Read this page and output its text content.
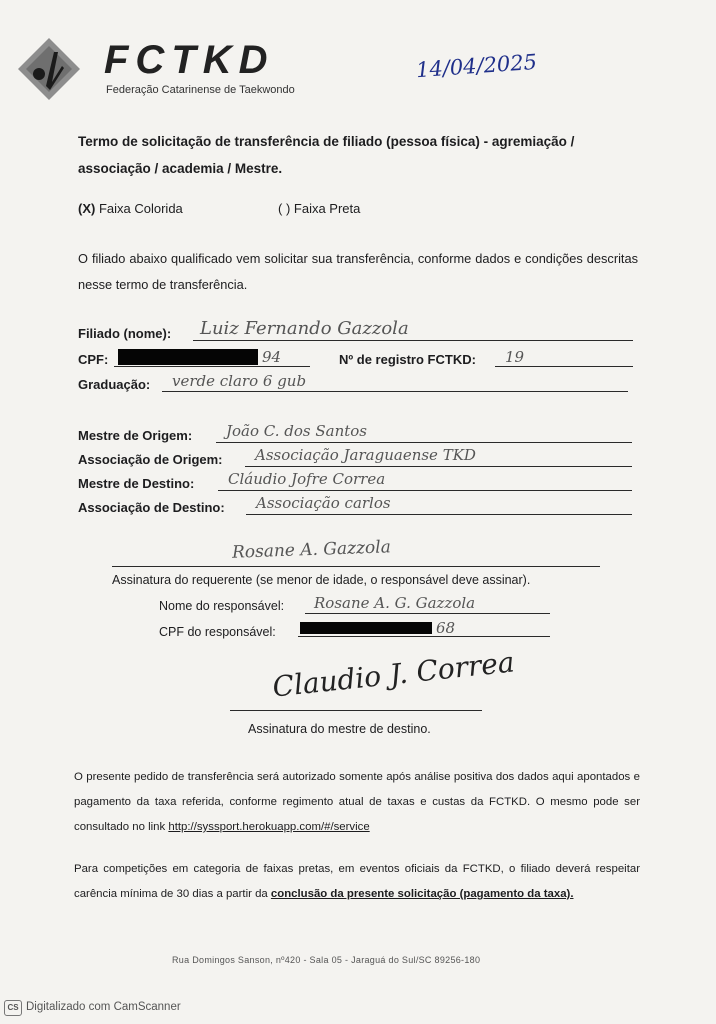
FCTKD
Federação Catarinense de Taekwondo
14/04/2025
Termo de solicitação de transferência de filiado (pessoa física) - agremiação / associação / academia / Mestre.
(X) Faixa Colorida	( ) Faixa Preta
O filiado abaixo qualificado vem solicitar sua transferência, conforme dados e condições descritas nesse termo de transferência.
Filiado (nome): Luiz Fernando Gazzola
CPF:	94	Nº de registro FCTKD: 19
Graduação: verde claro 6 gub
Mestre de Origem: João C. dos Santos
Associação de Origem: Associação Jaraguaense TKD
Mestre de Destino: Cláudio Jofre Correa
Associação de Destino: Associação carlos
Rosane A. Gazzola
Assinatura do requerente (se menor de idade, o responsável deve assinar).
Nome do responsável: Rosane A. G. Gazzola
CPF do responsável:	68
Claudio J. Correa
Assinatura do mestre de destino.
O presente pedido de transferência será autorizado somente após análise positiva dos dados aqui apontados e pagamento da taxa referida, conforme regimento atual de taxas e custas da FCTKD. O mesmo pode ser consultado no link http://syssport.herokuapp.com/#/service
Para competições em categoria de faixas pretas, em eventos oficiais da FCTKD, o filiado deverá respeitar carência mínima de 30 dias a partir da conclusão da presente solicitação (pagamento da taxa).
Rua Domingos Sanson, nº420 - Sala 05 - Jaraguá do Sul/SC 89256-180
CS Digitalizado com CamScanner
